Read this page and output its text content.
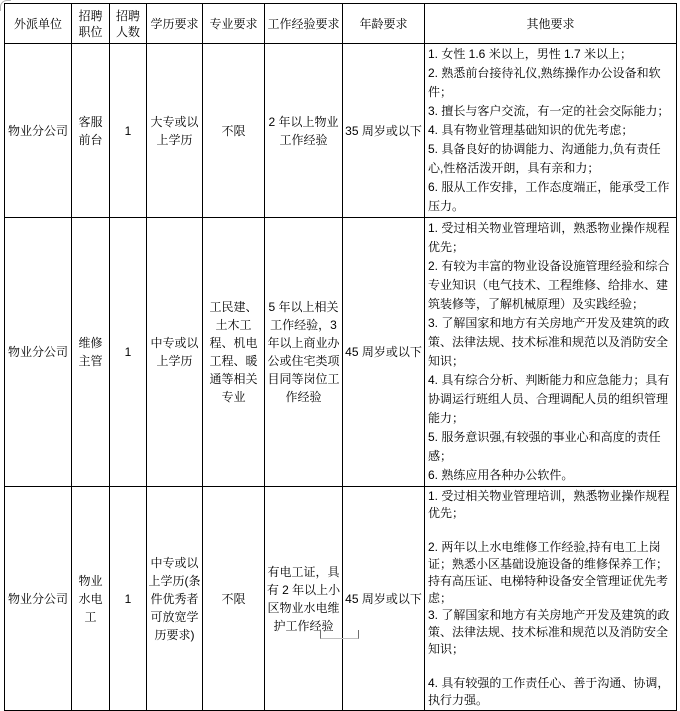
外派单位	招聘职位	招聘人数	学历要求	专业要求	工作经验要求	年龄要求	其他要求
物业分公司	客服前台	1	大专或以上学历	不限	2 年以上物业工作经验	35 周岁或以下	
1. 女性 1.6 米以上，男性 1.7 米以上；
2. 熟悉前台接待礼仪,熟练操作办公设备和软件；
3. 擅长与客户交流，有一定的社会交际能力；
4. 具有物业管理基础知识的优先考虑；
5. 具备良好的协调能力、沟通能力,负有责任心,性格活泼开朗，具有亲和力；
6. 服从工作安排，工作态度端正，能承受工作压力。

物业分公司	维修主管	1	中专或以上学历	工民建、土木工程、机电工程、暖通等相关专业	5 年以上相关工作经验，3 年以上商业办公或住宅类项目同等岗位工作经验	45 周岁或以下	
1. 受过相关物业管理培训，熟悉物业操作规程优先；
2. 有较为丰富的物业设备设施管理经验和综合专业知识（电气技术、工程维修、给排水、建筑装修等，了解机械原理）及实践经验；
3. 了解国家和地方有关房地产开发及建筑的政策、法律法规、技术标准和规范以及消防安全知识；
4. 具有综合分析、判断能力和应急能力；具有协调运行班组人员、合理调配人员的组织管理能力；
5. 服务意识强,有较强的事业心和高度的责任感；
6. 熟练应用各种办公软件。

物业分公司	物业水电工	1	中专或以上学历(条件优秀者可放宽学历要求)	不限	有电工证，具有 2 年以上小区物业水电维护工作经验	45 周岁或以下	1. 受过相关物业管理培训，熟悉物业操作规程优先；
2. 两年以上水电维修工作经验,持有电工上岗证；熟悉小区基础设施设备的维修保养工作；持有高压证、电梯特种设备安全管理证优先考虑；
3. 了解国家和地方有关房地产开发及建筑的政策、法律法规、技术标准和规范以及消防安全知识；
4. 具有较强的工作责任心、善于沟通、协调，执行力强。
